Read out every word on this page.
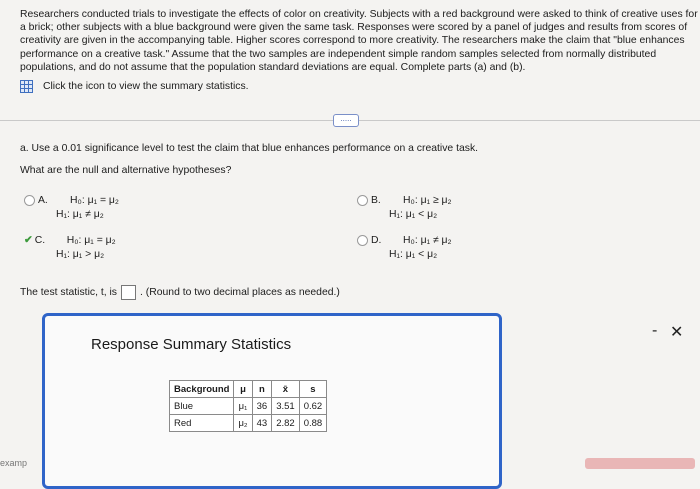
Researchers conducted trials to investigate the effects of color on creativity. Subjects with a red background were asked to think of creative uses for a brick; other subjects with a blue background were given the same task. Responses were scored by a panel of judges and results from scores of creativity are given in the accompanying table. Higher scores correspond to more creativity. The researchers make the claim that "blue enhances performance on a creative task." Assume that the two samples are independent simple random samples selected from normally distributed populations, and do not assume that the population standard deviations are equal. Complete parts (a) and (b).

Click the icon to view the summary statistics.
.....
a. Use a 0.01 significance level to test the claim that blue enhances performance on a creative task.
What are the null and alternative hypotheses?
A. H₀: μ₁ = μ₂
H₁: μ₁ ≠ μ₂
✔ C. H₀: μ₁ = μ₂
H₁: μ₁ > μ₂
B. H₀: μ₁ ≥ μ₂
H₁: μ₁ < μ₂
D. H₀: μ₁ ≠ μ₂
H₁: μ₁ < μ₂
The test statistic, t, is . (Round to two decimal places as needed.)
Response Summary Statistics
Background	μ	n	x̄	s
Blue	μ₁	36	3.51	0.62
Red	μ₂	43	2.82	0.88
- ✕
examp
